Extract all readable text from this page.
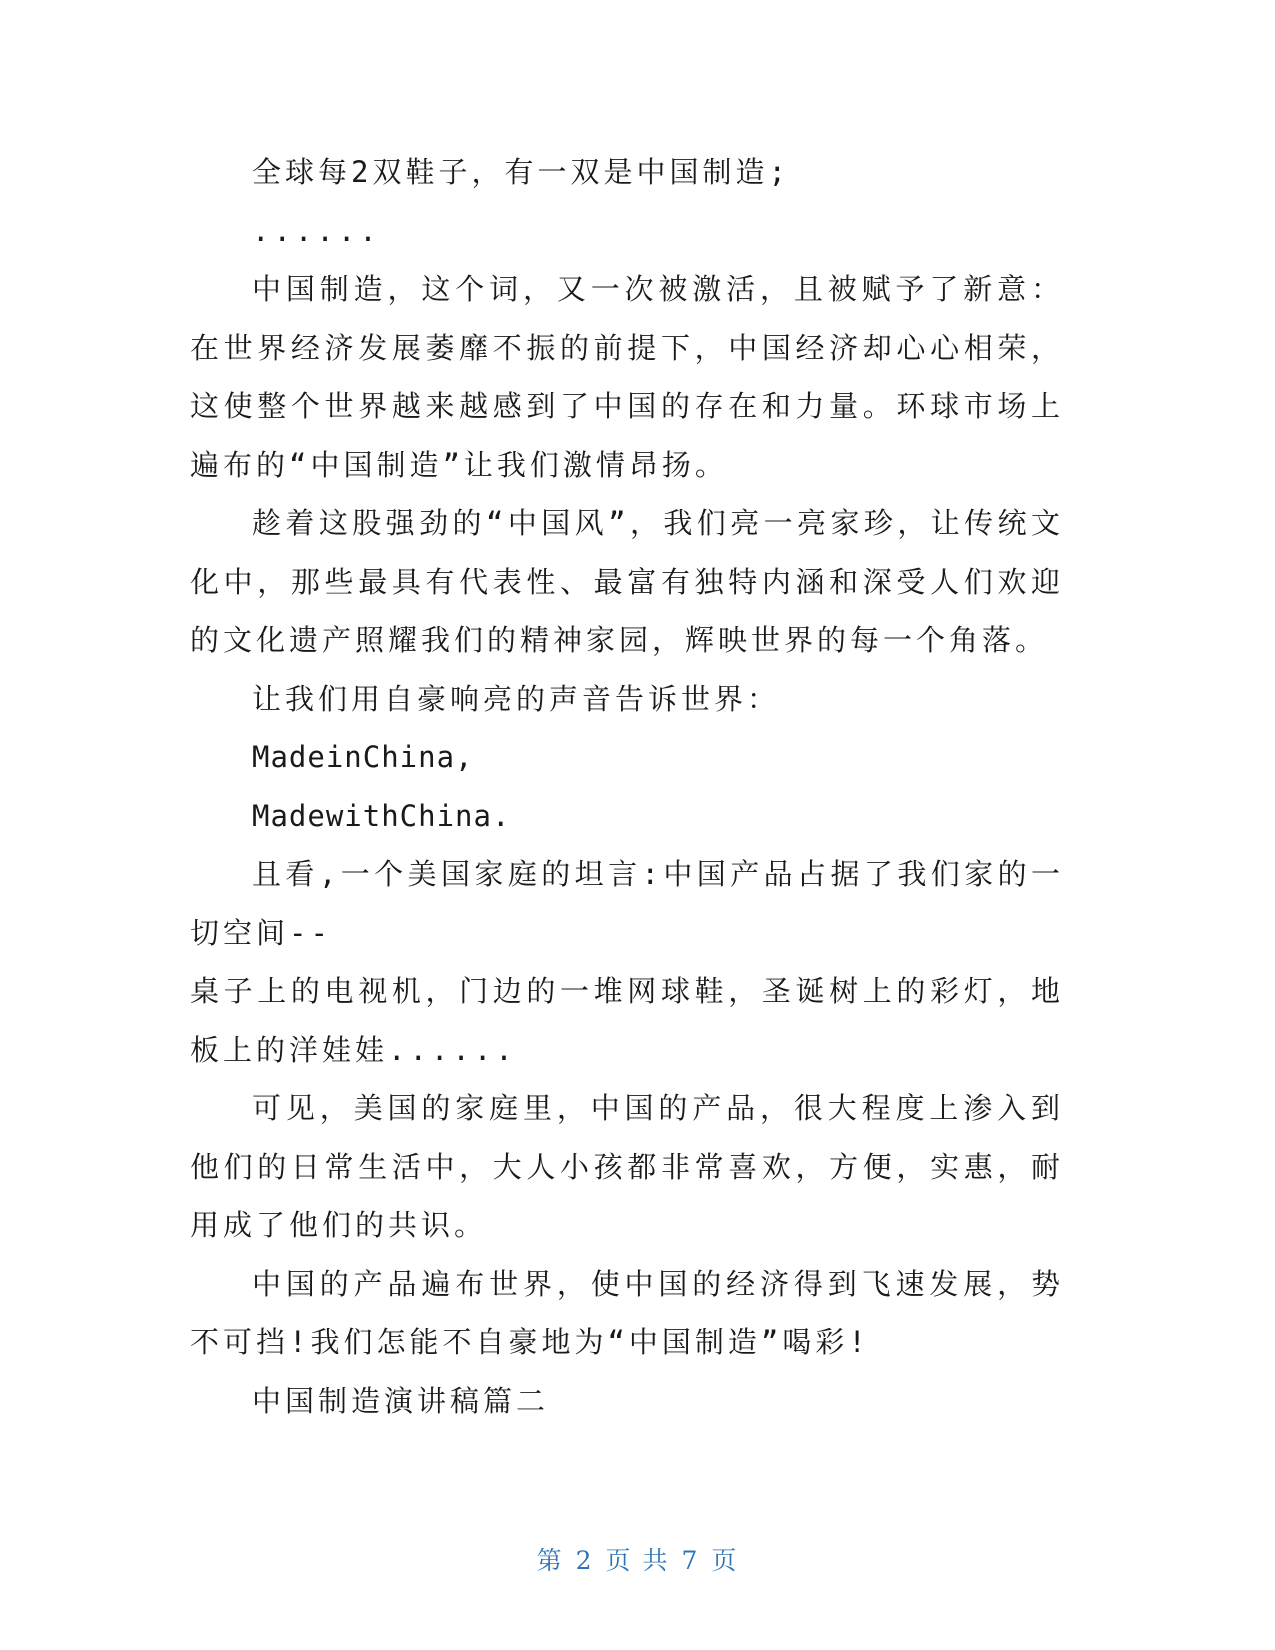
全球每2双鞋子，有一双是中国制造;

......

中国制造，这个词，又一次被激活，且被赋予了新意：在世界经济发展萎靡不振的前提下，中国经济却心心相荣，这使整个世界越来越感到了中国的存在和力量。环球市场上遍布的“中国制造”让我们激情昂扬。

趁着这股强劲的“中国风”，我们亮一亮家珍，让传统文化中，那些最具有代表性、最富有独特内涵和深受人们欢迎的文化遗产照耀我们的精神家园，辉映世界的每一个角落。

让我们用自豪响亮的声音告诉世界：

MadeinChina,

MadewithChina.

且看,一个美国家庭的坦言:中国产品占据了我们家的一切空间--

桌子上的电视机，门边的一堆网球鞋，圣诞树上的彩灯，地板上的洋娃娃......

可见，美国的家庭里，中国的产品，很大程度上渗入到他们的日常生活中，大人小孩都非常喜欢，方便，实惠，耐用成了他们的共识。

中国的产品遍布世界，使中国的经济得到飞速发展，势不可挡!我们怎能不自豪地为“中国制造”喝彩!

中国制造演讲稿篇二

第 2 页 共 7 页
